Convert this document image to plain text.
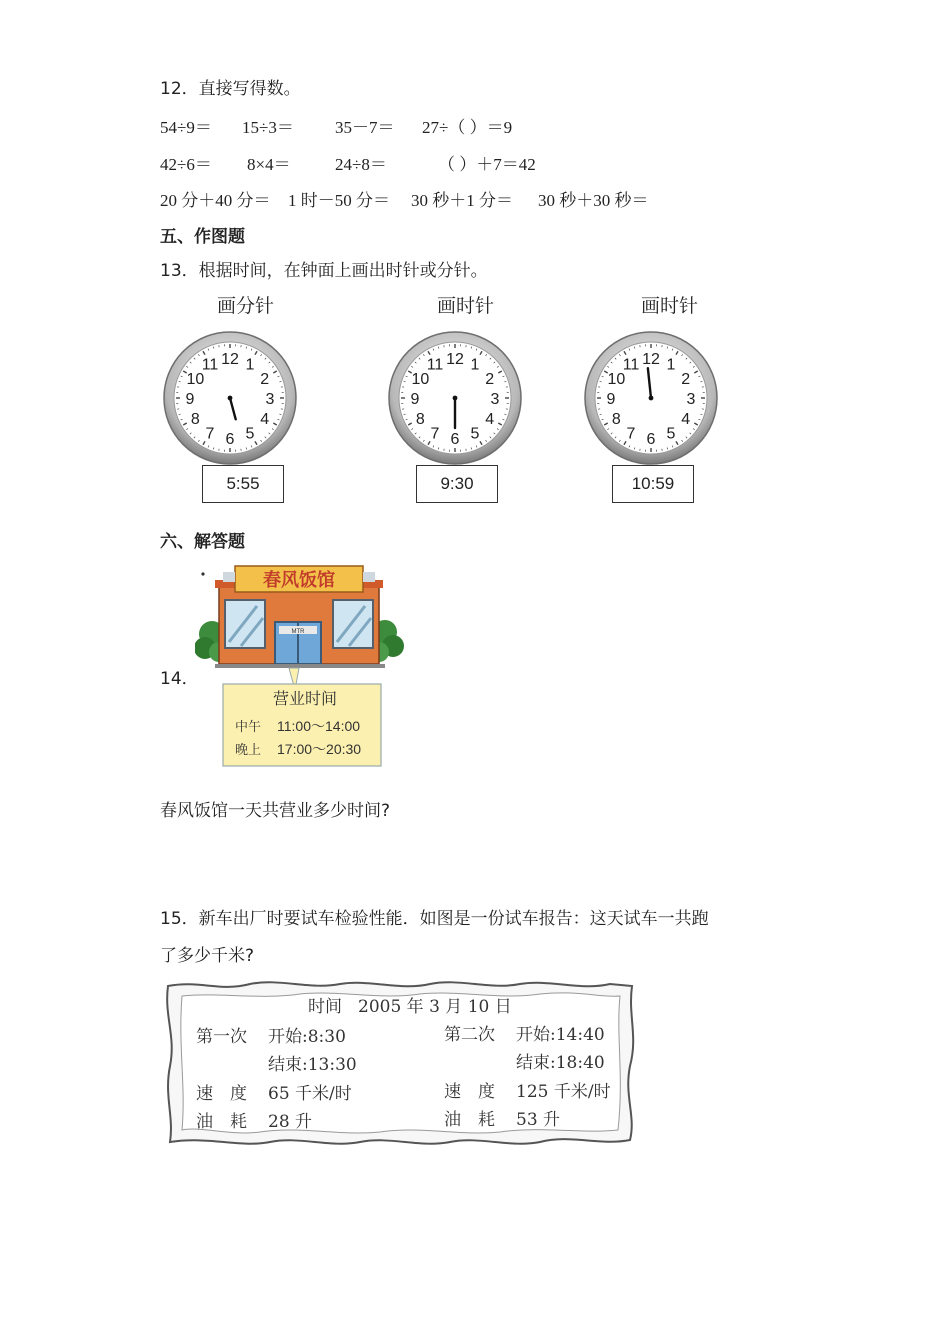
12．直接写得数。
54÷9＝ 15÷3＝ 35－7＝ 27÷（ ）＝9
42÷6＝ 8×4＝	24÷8＝	（ ）＋7＝42
20 分＋40 分＝ 1 时－50 分＝ 30 秒＋1 分＝ 30 秒＋30 秒＝
五、作图题
13．根据时间，在钟面上画出时针或分针。
画分针	画时针	画时针
12 1
2
3
4
5
6
7
8
9
10
11	12 1
2
3
4
5
6
7
8
9
10
11	12 1
2
3
4
5
6
7
8
9
10
11
5:55	9:30	10:59
六、解答题
14．
春风饭馆
MTR
营业时间
中午 11:00～14:00
晚上 17:00～20:30
春风饭馆一天共营业多少时间?
15．新车出厂时要试车检验性能．如图是一份试车报告：这天试车一共跑
了多少千米?
时间 2005 年 3 月 10 日
第一次 开始:8:30
结束:13:30
速　度 65 千米/时
油　耗 28 升
第二次 开始:14:40
结束:18:40
速　度 125 千米/时
油　耗 53 升
